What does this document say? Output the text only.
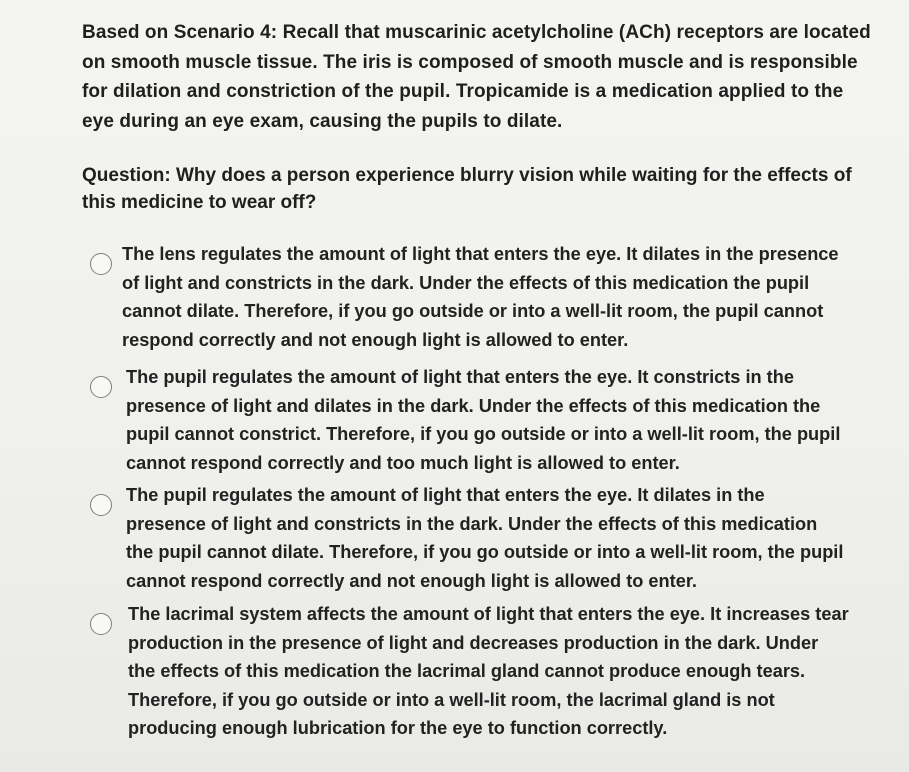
Based on Scenario 4: Recall that muscarinic acetylcholine (ACh) receptors are located on smooth muscle tissue. The iris is composed of smooth muscle and is responsible for dilation and constriction of the pupil. Tropicamide is a medication applied to the eye during an eye exam, causing the pupils to dilate.

Question: Why does a person experience blurry vision while waiting for the effects of this medicine to wear off?

The lens regulates the amount of light that enters the eye. It dilates in the presence of light and constricts in the dark. Under the effects of this medication the pupil cannot dilate. Therefore, if you go outside or into a well-lit room, the pupil cannot respond correctly and not enough light is allowed to enter.

The pupil regulates the amount of light that enters the eye. It constricts in the presence of light and dilates in the dark. Under the effects of this medication the pupil cannot constrict. Therefore, if you go outside or into a well-lit room, the pupil cannot respond correctly and too much light is allowed to enter.

The pupil regulates the amount of light that enters the eye. It dilates in the presence of light and constricts in the dark. Under the effects of this medication the pupil cannot dilate. Therefore, if you go outside or into a well-lit room, the pupil cannot respond correctly and not enough light is allowed to enter.

The lacrimal system affects the amount of light that enters the eye. It increases tear production in the presence of light and decreases production in the dark. Under the effects of this medication the lacrimal gland cannot produce enough tears. Therefore, if you go outside or into a well-lit room, the lacrimal gland is not producing enough lubrication for the eye to function correctly.
